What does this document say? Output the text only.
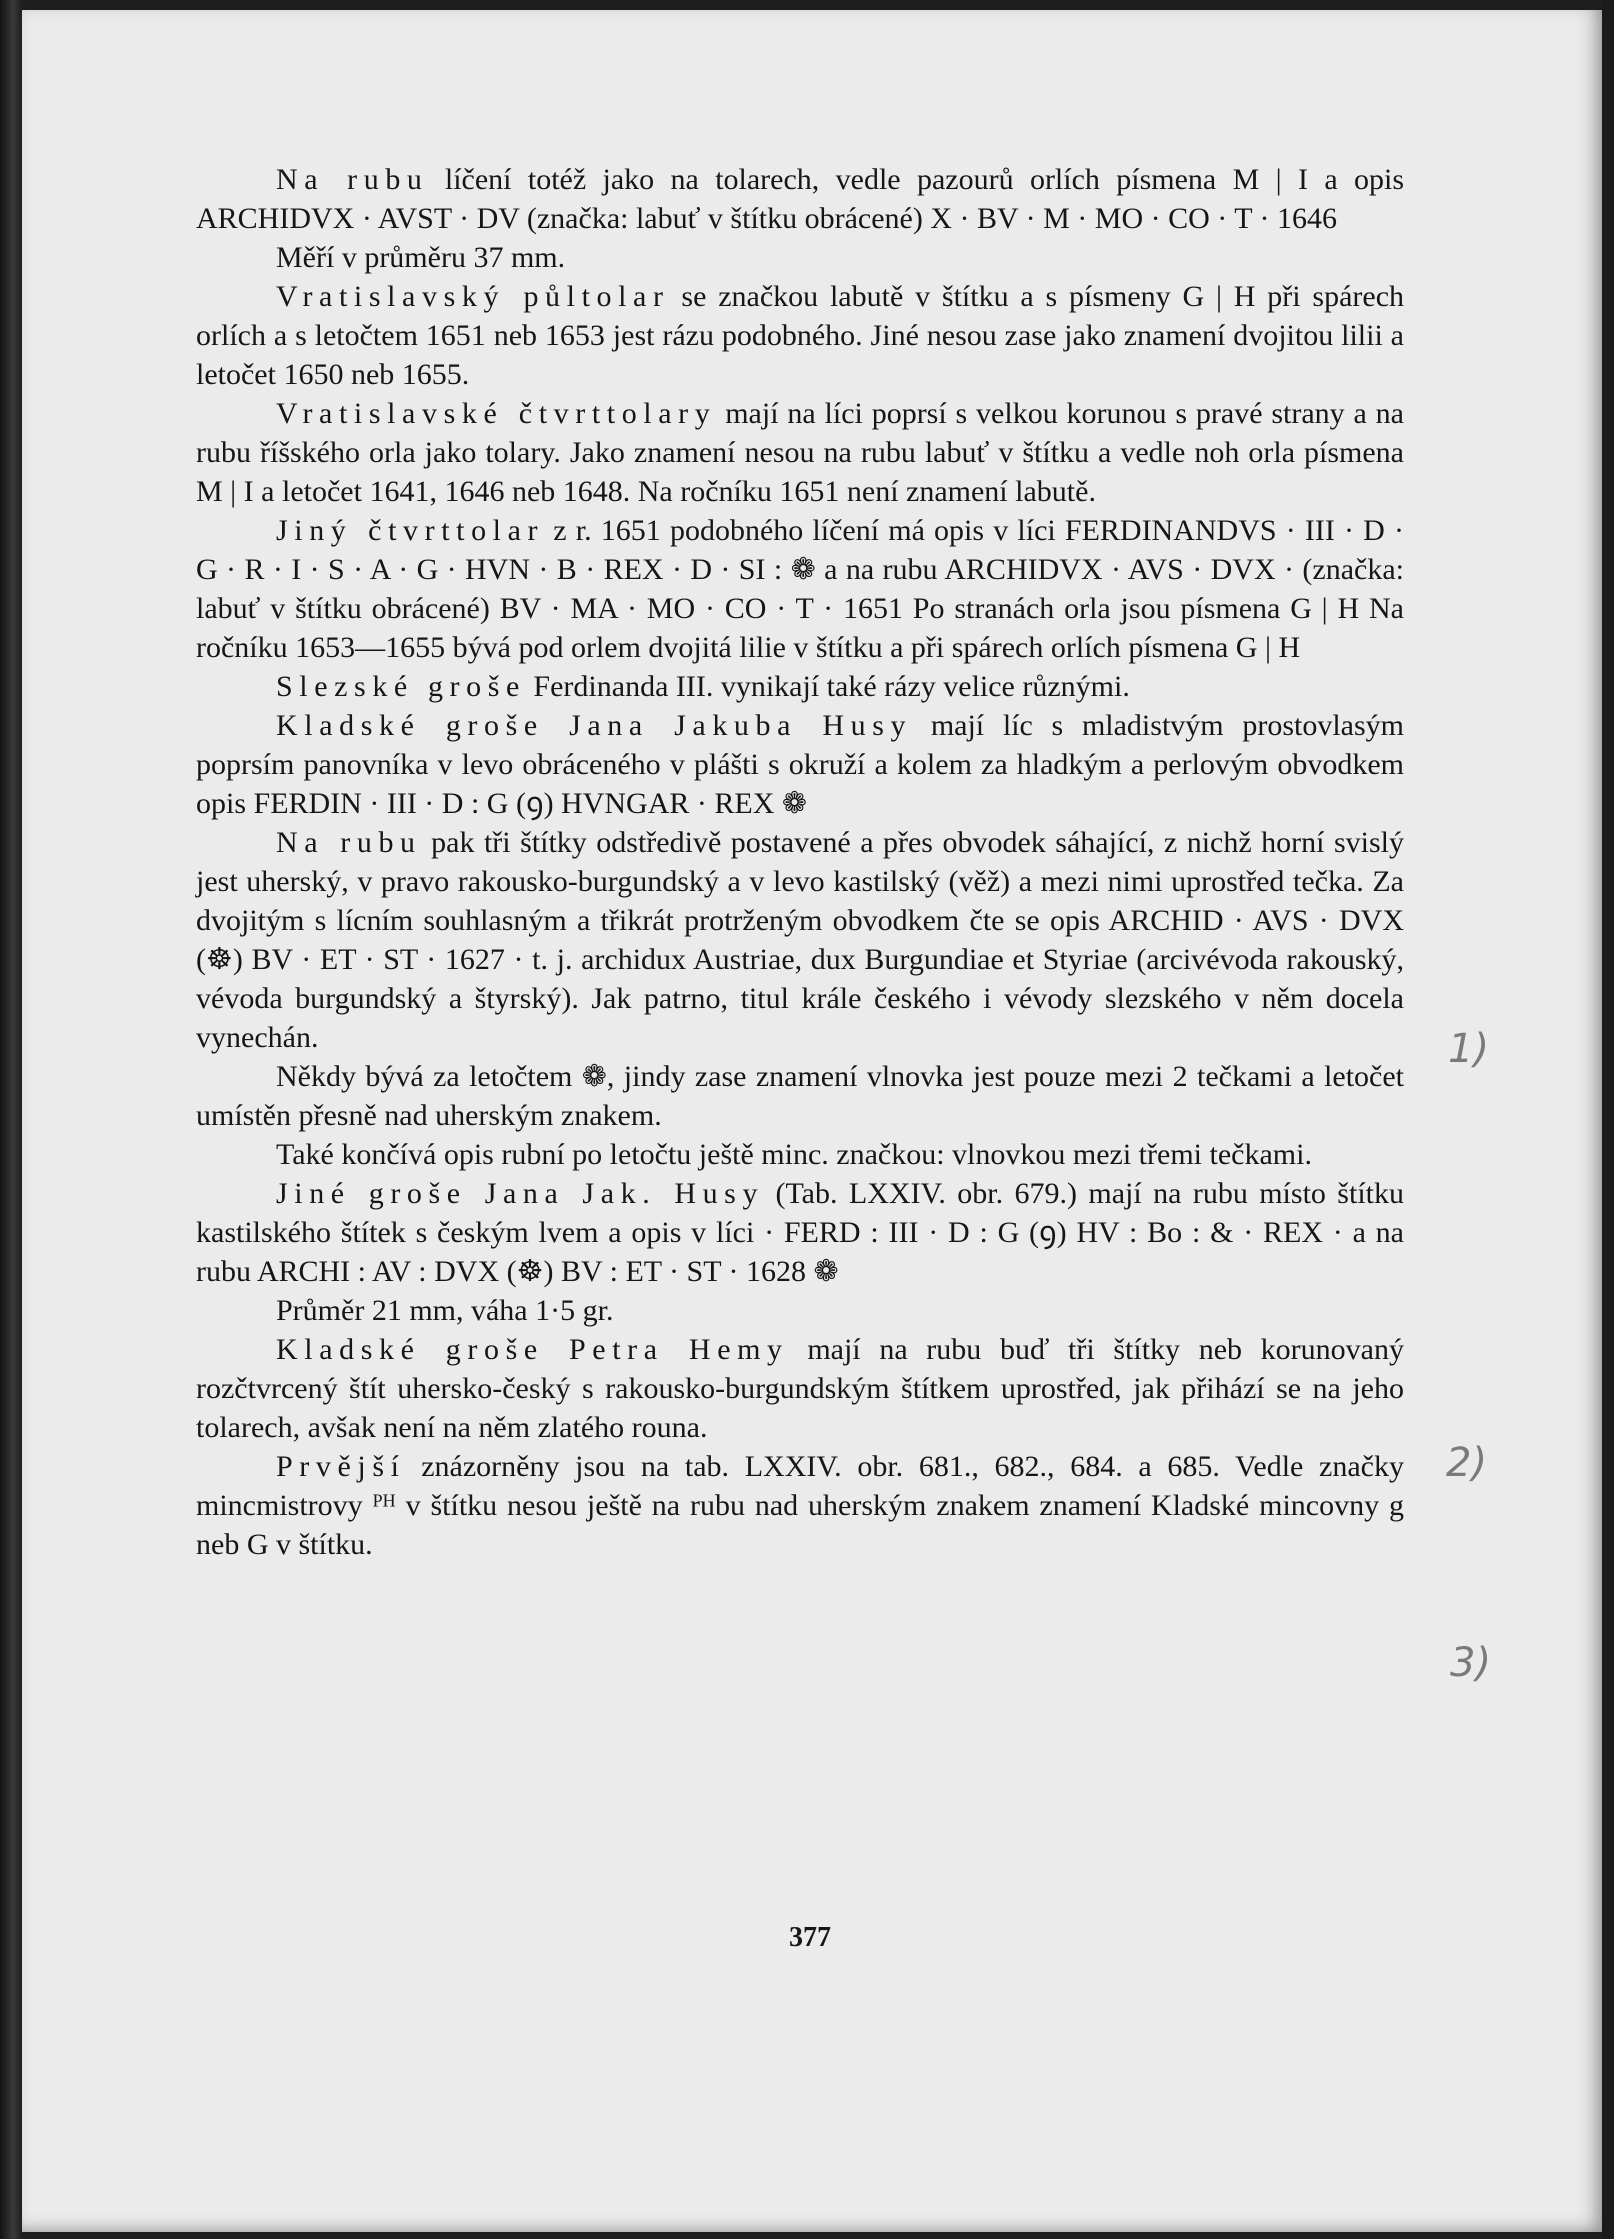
Na rubu líčení totéž jako na tolarech, vedle pazourů orlích písmena M | I a opis ARCHIDVX · AVST · DV (značka: labuť v štítku obrácené) X · BV · M · MO · CO · T · 1646

Měří v průměru 37 mm.

Vratislavský půltolar se značkou labutě v štítku a s písmeny G | H při spárech orlích a s letočtem 1651 neb 1653 jest rázu podobného. Jiné nesou zase jako znamení dvojitou lilii a letočet 1650 neb 1655.

Vratislavské čtvrttolary mají na líci poprsí s velkou korunou s pravé strany a na rubu říšského orla jako tolary. Jako znamení nesou na rubu labuť v štítku a vedle noh orla písmena M | I a letočet 1641, 1646 neb 1648. Na ročníku 1651 není znamení labutě.

Jiný čtvrttolar z r. 1651 podobného líčení má opis v líci FERDINANDVS · III · D · G · R · I · S · A · G · HVN · B · REX · D · SI : ❁ a na rubu ARCHIDVX · AVS · DVX · (značka: labuť v štítku obrácené) BV · MA · MO · CO · T · 1651 Po stranách orla jsou písmena G | H Na ročníku 1653—1655 bývá pod orlem dvojitá lilie v štítku a při spárech orlích písmena G | H

Slezské groše Ferdinanda III. vynikají také rázy velice různými.

Kladské groše Jana Jakuba Husy mají líc s mladistvým prostovlasým poprsím panovníka v levo obráceného v plášti s okruží a kolem za hladkým a perlovým obvodkem opis FERDIN · III · D : G (ꝯ) HVNGAR · REX ❁

Na rubu pak tři štítky odstředivě postavené a přes obvodek sáhající, z nichž horní svislý jest uherský, v pravo rakousko-burgundský a v levo kastilský (věž) a mezi nimi uprostřed tečka. Za dvojitým s lícním souhlasným a třikrát protrženým obvodkem čte se opis ARCHID · AVS · DVX (☸) BV · ET · ST · 1627 · t. j. archidux Austriae, dux Burgundiae et Styriae (arcivévoda rakouský, vévoda burgundský a štyrský). Jak patrno, titul krále českého i vévody slezského v něm docela vynechán.

Někdy bývá za letočtem ❁, jindy zase znamení vlnovka jest pouze mezi 2 tečkami a letočet umístěn přesně nad uherským znakem.

Také končívá opis rubní po letočtu ještě minc. značkou: vlnovkou mezi třemi tečkami.

Jiné groše Jana Jak. Husy (Tab. LXXIV. obr. 679.) mají na rubu místo štítku kastilského štítek s českým lvem a opis v líci · FERD : III · D : G (ꝯ) HV : Bo : & · REX · a na rubu ARCHI : AV : DVX (☸) BV : ET · ST · 1628 ❁

Průměr 21 mm, váha 1·5 gr.

Kladské groše Petra Hemy mají na rubu buď tři štítky neb korunovaný rozčtvrcený štít uhersko-český s rakousko-burgundským štítkem uprostřed, jak přihází se na jeho tolarech, avšak není na něm zlatého rouna.

Prvější znázorněny jsou na tab. LXXIV. obr. 681., 682., 684. a 685. Vedle značky mincmistrovy ᴾᴴ v štítku nesou ještě na rubu nad uherským znakem znamení Kladské mincovny g neb G v štítku.

1)
2)
3)
377
